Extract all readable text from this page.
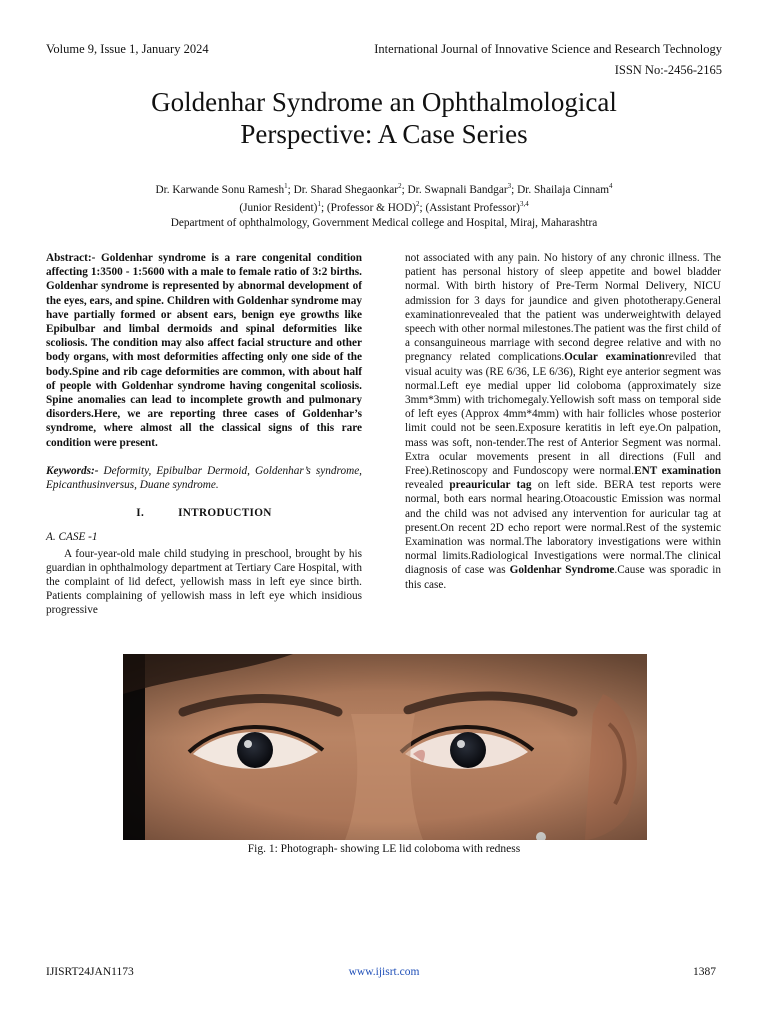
Volume 9, Issue 1, January 2024	International Journal of Innovative Science and Research Technology
ISSN No:-2456-2165
Goldenhar Syndrome an Ophthalmological
Perspective: A Case Series
Dr. Karwande Sonu Ramesh$^1$; Dr. Sharad Shegaonkar$^2$; Dr. Swapnali Bandgar$^3$; Dr. Shailaja Cinnam$^4$
(Junior Resident)$^1$; (Professor & HOD)$^2$; (Assistant Professor)$^{3,4}$
Department of ophthalmology, Government Medical college and Hospital, Miraj, Maharashtra

Abstract:- Goldenhar syndrome is a rare congenital condition affecting 1:3500 - 1:5600 with a male to female ratio of 3:2 births. Goldenhar syndrome is represented by abnormal development of the eyes, ears, and spine. Children with Goldenhar syndrome may have partially formed or absent ears, benign eye growths like Epibulbar and limbal dermoids and spinal deformities like scoliosis. The condition may also affect facial structure and other body organs, with most deformities affecting only one side of the body.Spine and rib cage deformities are common, with about half of people with Goldenhar syndrome having congenital scoliosis. Spine anomalies can lead to incomplete growth and pulmonary disorders.Here, we are reporting three cases of Goldenhar’s syndrome, where almost all the classical signs of this rare condition were present.

Keywords:- Deformity, Epibulbar Dermoid, Goldenhar’s syndrome, Epicanthusinversus, Duane syndrome.

I.	INTRODUCTION

A. CASE -1

A four-year-old male child studying in preschool, brought by his guardian in ophthalmology department at Tertiary Care Hospital, with the complaint of lid defect, yellowish mass in left eye since birth. Patients complaining of yellowish mass in left eye which insidious progressive

not associated with any pain. No history of any chronic illness. The patient has personal history of sleep appetite and bowel bladder normal. With birth history of Pre-Term Normal Delivery, NICU admission for 3 days for jaundice and given phototherapy.General examinationrevealed that the patient was underweightwith delayed speech with other normal milestones.The patient was the first child of a consanguineous marriage with second degree relative and with no pregnancy related complications.Ocular examinationreviled that visual acuity was (RE 6/36, LE 6/36), Right eye anterior segment was normal.Left eye medial upper lid coloboma (approximately size 3mm*3mm) with trichomegaly.Yellowish soft mass on temporal side of left eyes (Approx 4mm*4mm) with hair follicles whose posterior limit could not be seen.Exposure keratitis in left eye.On palpation, mass was soft, non-tender.The rest of Anterior Segment was normal. Extra ocular movements present in all directions (Full and Free).Retinoscopy and Fundoscopy were normal.ENT examination revealed preauricular tag on left side. BERA test reports were normal, both ears normal hearing.Otoacoustic Emission was normal and the child was not advised any intervention for auricular tag at present.On recent 2D echo report were normal.Rest of the systemic Examination was normal.The laboratory investigations were within normal limits.Radiological Investigations were normal.The clinical diagnosis of case was Goldenhar Syndrome.Cause was sporadic in this case.

Fig. 1: Photograph- showing LE lid coloboma with redness
IJISRT24JAN1173	www.ijisrt.com	1387
